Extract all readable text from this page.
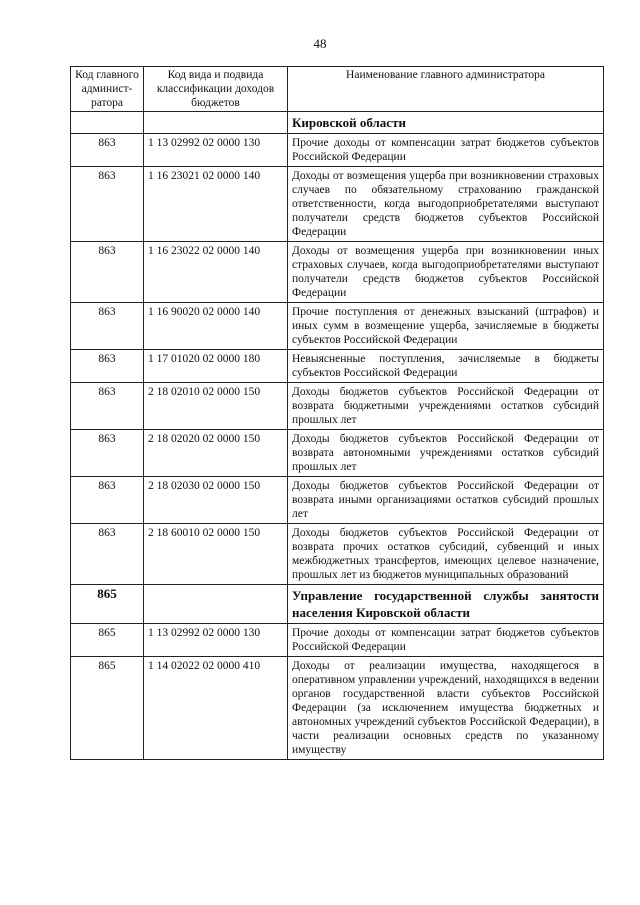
48
Код главного админист-ратора	Код вида и подвида классификации доходов бюджетов	Наименование главного администратора
		Кировской области
863	1 13 02992 02 0000 130	Прочие доходы от компенсации затрат бюджетов субъектов Российской Федерации
863	1 16 23021 02 0000 140	Доходы от возмещения ущерба при возникновении страховых случаев по обязательному страхованию гражданской ответственности, когда выгодоприобретателями выступают получатели средств бюджетов субъектов Российской Федерации
863	1 16 23022 02 0000 140	Доходы от возмещения ущерба при возникновении иных страховых случаев, когда выгодоприобретателями выступают получатели средств бюджетов субъектов Российской Федерации
863	1 16 90020 02 0000 140	Прочие поступления от денежных взысканий (штрафов) и иных сумм в возмещение ущерба, зачисляемые в бюджеты субъектов Российской Федерации
863	1 17 01020 02 0000 180	Невыясненные поступления, зачисляемые в бюджеты субъектов Российской Федерации
863	2 18 02010 02 0000 150	Доходы бюджетов субъектов Российской Федерации от возврата бюджетными учреждениями остатков субсидий прошлых лет
863	2 18 02020 02 0000 150	Доходы бюджетов субъектов Российской Федерации от возврата автономными учреждениями остатков субсидий прошлых лет
863	2 18 02030 02 0000 150	Доходы бюджетов субъектов Российской Федерации от возврата иными организациями остатков субсидий прошлых лет
863	2 18 60010 02 0000 150	Доходы бюджетов субъектов Российской Федерации от возврата прочих остатков субсидий, субвенций и иных межбюджетных трансфертов, имеющих целевое назначение, прошлых лет из бюджетов муниципальных образований
865		Управление государственной службы занятости населения Кировской области
865	1 13 02992 02 0000 130	Прочие доходы от компенсации затрат бюджетов субъектов Российской Федерации
865	1 14 02022 02 0000 410	Доходы от реализации имущества, находящегося в оперативном управлении учреждений, находящихся в ведении органов государственной власти субъектов Российской Федерации (за исключением имущества бюджетных и автономных учреждений субъектов Российской Федерации), в части реализации основных средств по указанному имуществу
